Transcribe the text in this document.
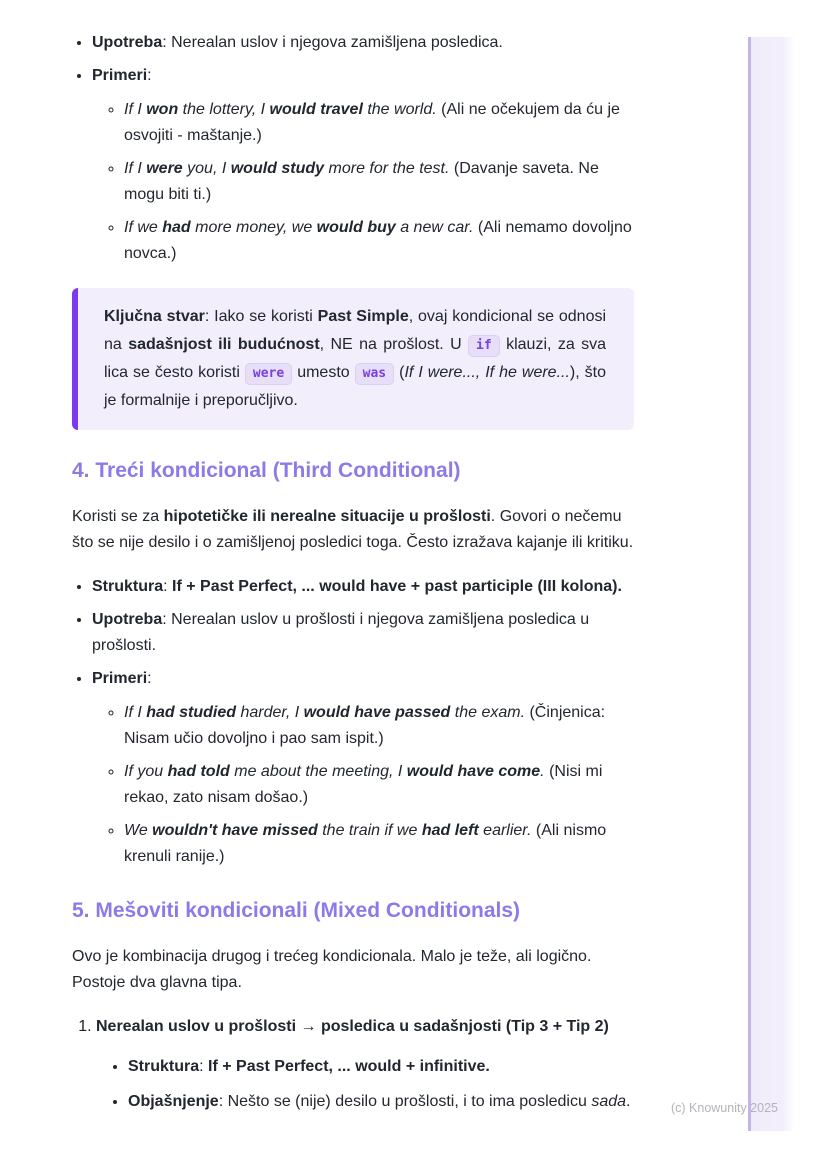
• Upotreba: Nerealan uslov i njegova zamišljena posledica.
• Primeri:
◦ If I won the lottery, I would travel the world. (Ali ne očekujem da ću je osvojiti - maštanje.)
◦ If I were you, I would study more for the test. (Davanje saveta. Ne mogu biti ti.)
◦ If we had more money, we would buy a new car. (Ali nemamo dovoljno novca.)

Ključna stvar: Iako se koristi Past Simple, ovaj kondicional se odnosi na sadašnjost ili budućnost, NE na prošlost. U if klauzi, za sva lica se često koristi were umesto was (If I were..., If he were...), što je formalnije i preporučljivo.

4. Treći kondicional (Third Conditional)

Koristi se za hipotetičke ili nerealne situacije u prošlosti. Govori o nečemu što se nije desilo i o zamišljenoj posledici toga. Često izražava kajanje ili kritiku.

• Struktura: If + Past Perfect, ... would have + past participle (III kolona).
• Upotreba: Nerealan uslov u prošlosti i njegova zamišljena posledica u prošlosti.
• Primeri:
◦ If I had studied harder, I would have passed the exam. (Činjenica: Nisam učio dovoljno i pao sam ispit.)
◦ If you had told me about the meeting, I would have come. (Nisi mi rekao, zato nisam došao.)
◦ We wouldn't have missed the train if we had left earlier. (Ali nismo krenuli ranije.)
5. Mešoviti kondicionali (Mixed Conditionals)

Ovo je kombinacija drugog i trećeg kondicionala. Malo je teže, ali logično. Postoje dva glavna tipa.

1. Nerealan uslov u prošlosti → posledica u sadašnjosti (Tip 3 + Tip 2)
• Struktura: If + Past Perfect, ... would + infinitive.
• Objašnjenje: Nešto se (nije) desilo u prošlosti, i to ima posledicu sada.	(c) Knowunity 2025
